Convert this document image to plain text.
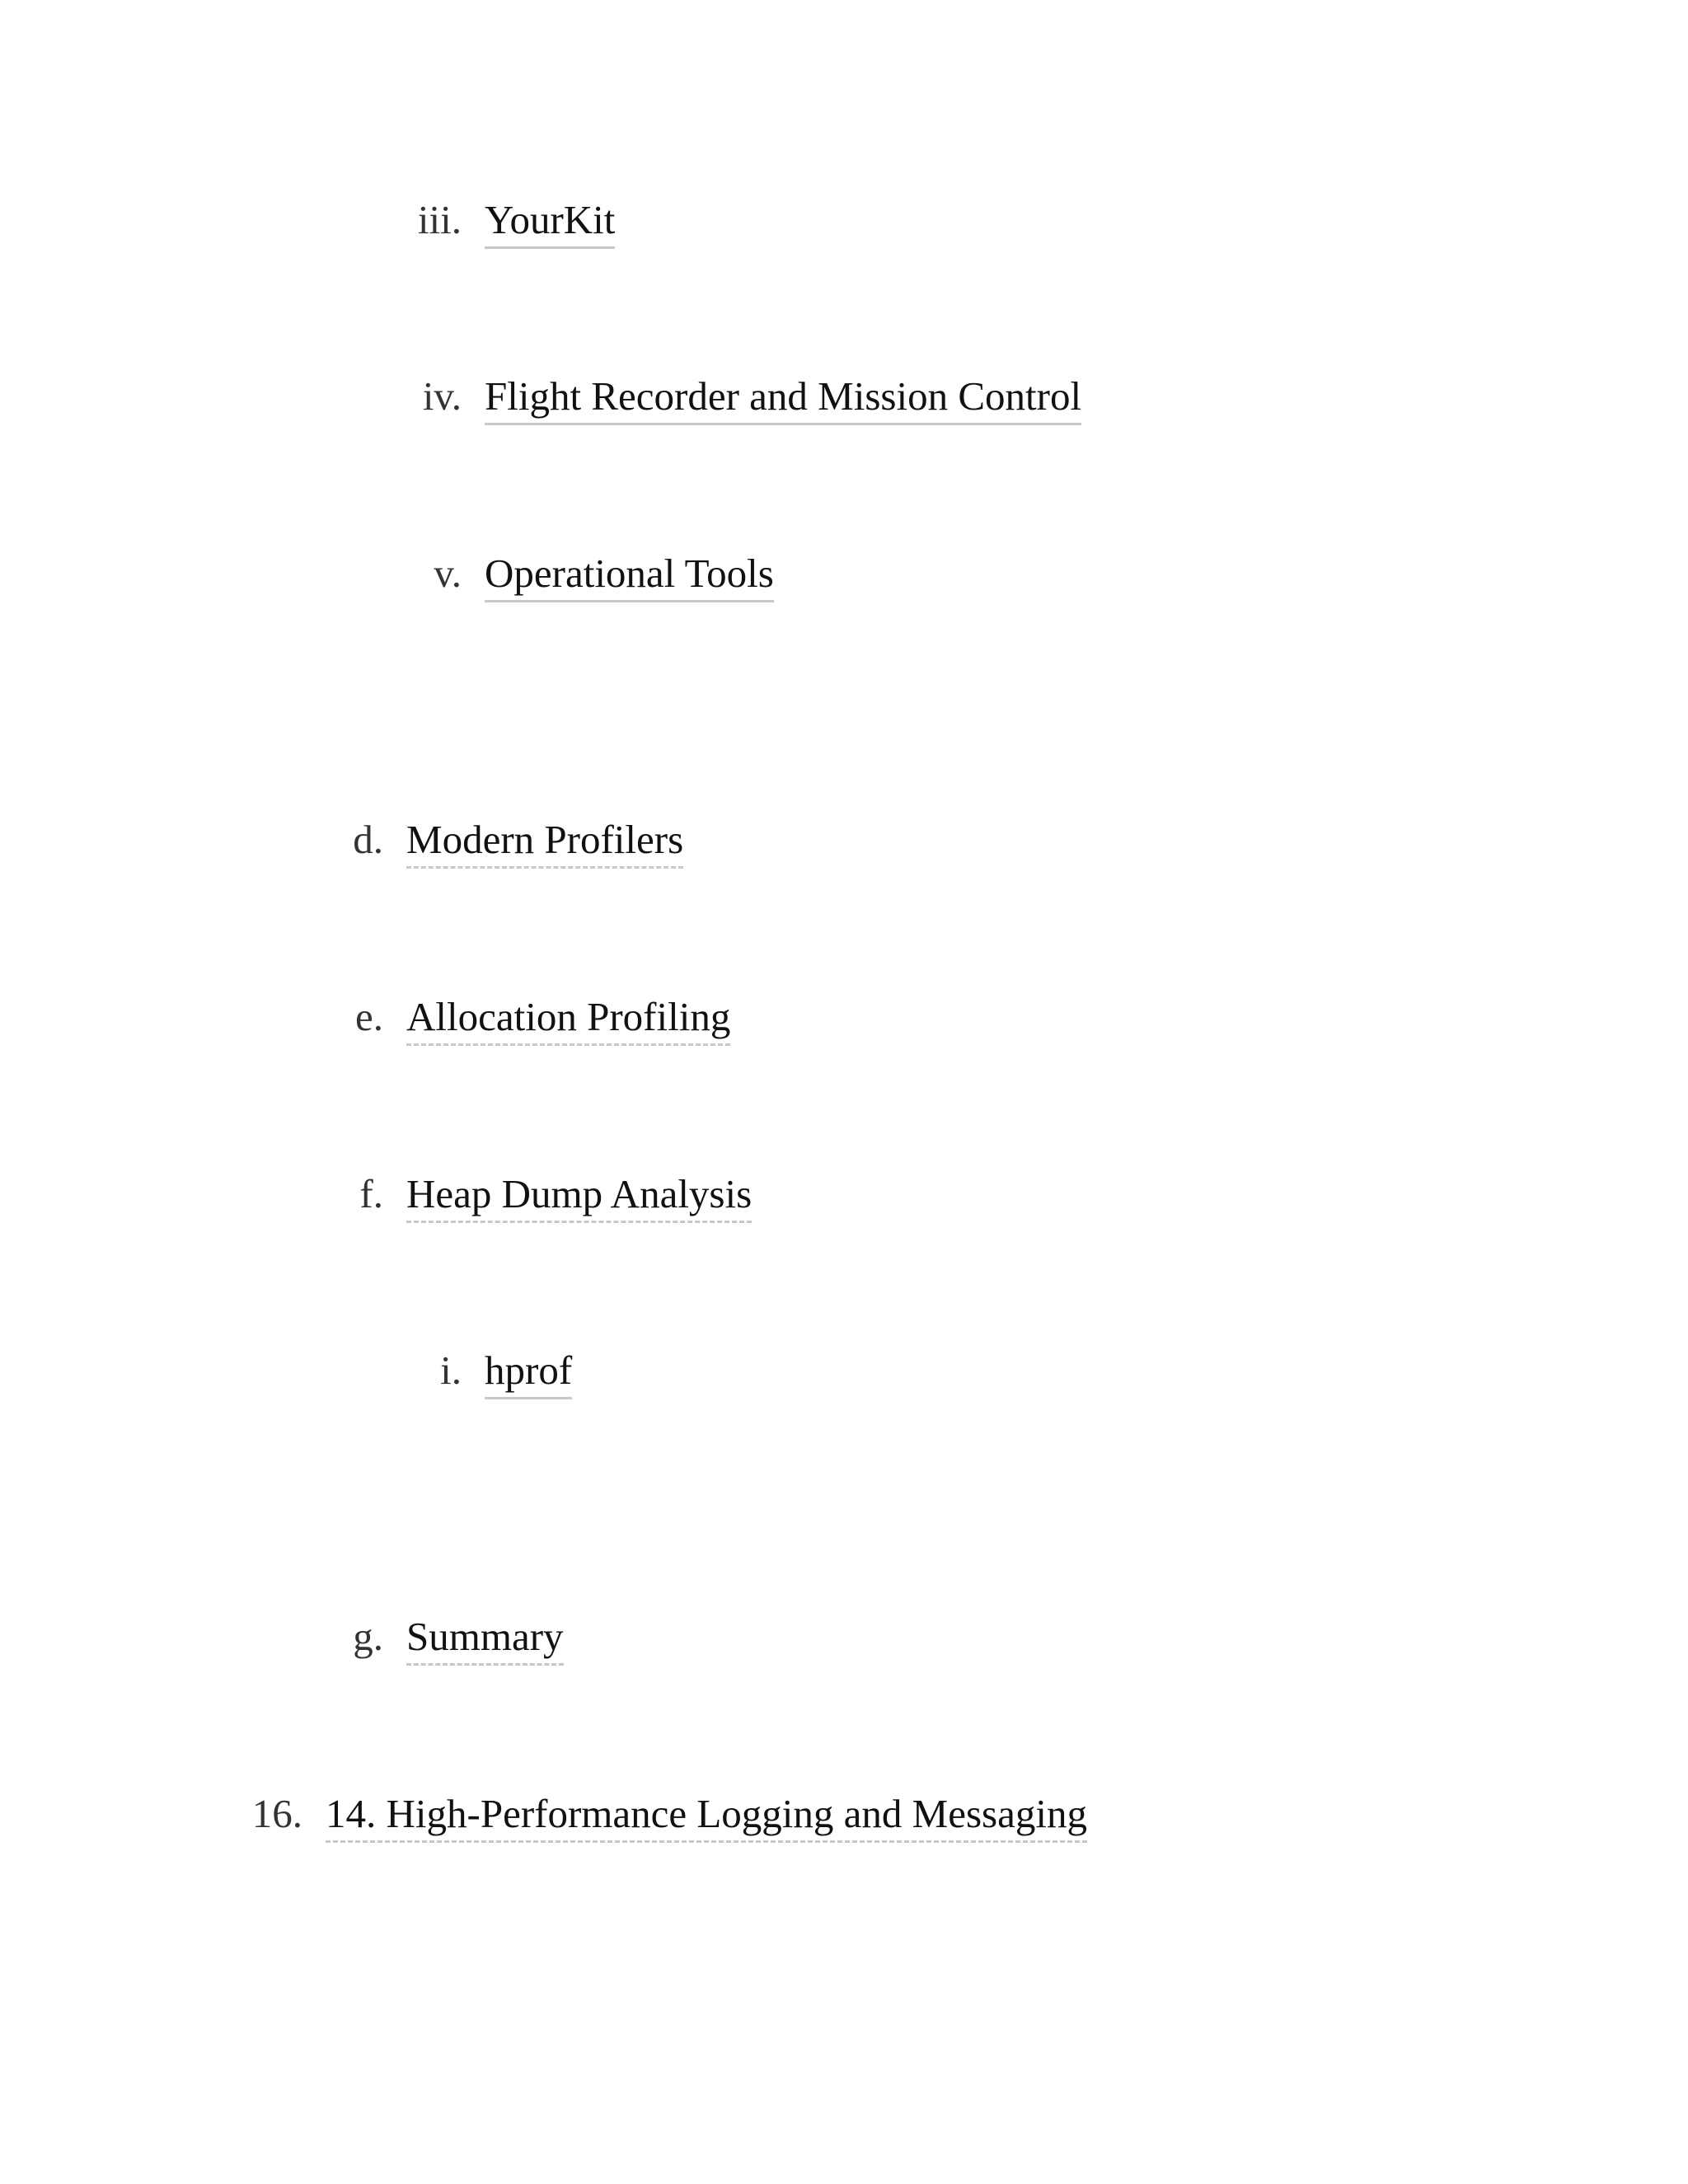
iii. YourKit
iv. Flight Recorder and Mission Control
v. Operational Tools
d. Modern Profilers
e. Allocation Profiling
f. Heap Dump Analysis
i. hprof
g. Summary
16. 14. High-Performance Logging and Messaging
